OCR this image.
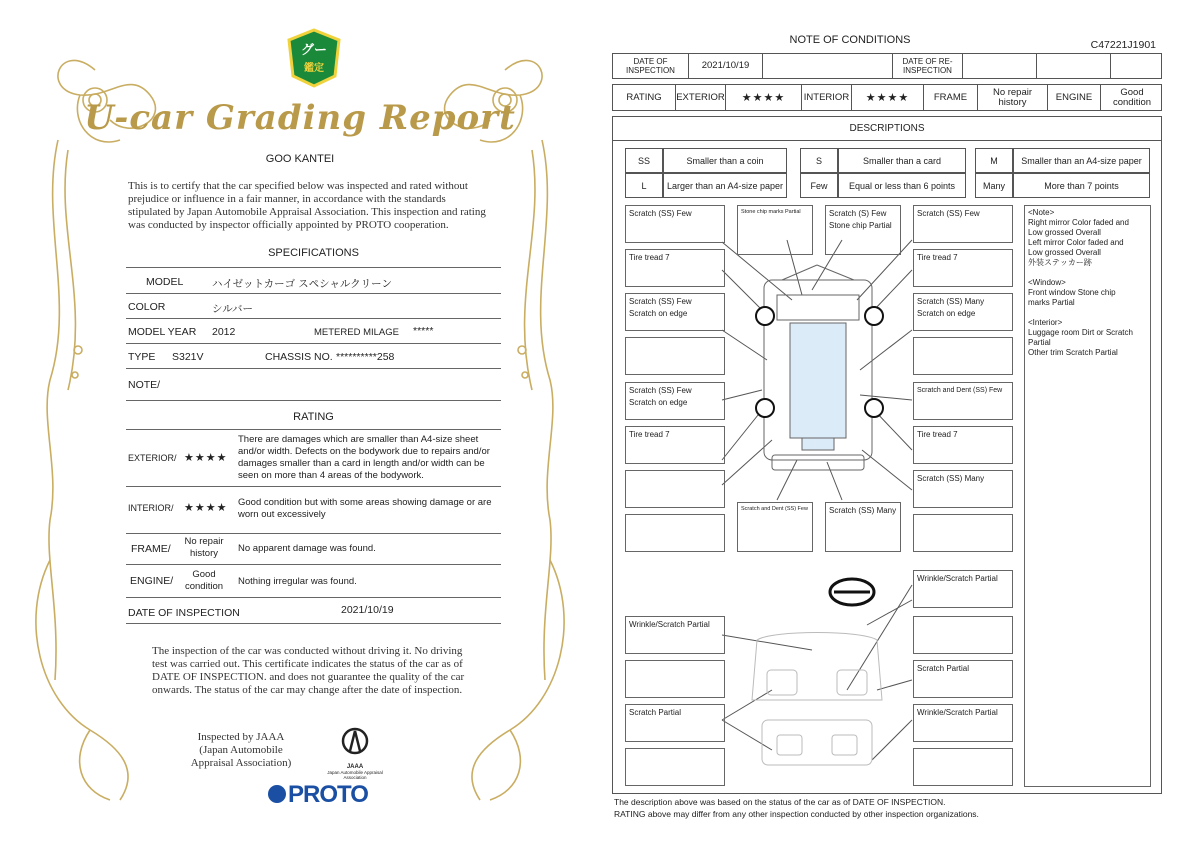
グー
鑑定
U-car Grading Report
GOO KANTEI
This is to certify that the car specified below was inspected and rated without prejudice or influence in a fair manner, in accordance with the standards stipulated by Japan Automobile Appraisal Association. This inspection and rating was conducted by inspector officially appointed by PROTO cooperation.
SPECIFICATIONS
MODEL	ハイゼットカーゴ スペシャルクリーン
COLOR	シルバー
MODEL YEAR 2012	METERED MILAGE *****
TYPE S321V	CHASSIS NO. **********258
NOTE/
RATING
EXTERIOR/ ★★★★
There are damages which are smaller than A4-size sheet and/or width. Defects on the bodywork due to repairs and/or damages smaller than a card in length and/or width can be seen on more than 4 areas of the bodywork.
INTERIOR/ ★★★★ Good condition but with some areas showing damage or are worn out excessively
FRAME/
No repair history	No apparent damage was found.
ENGINE/
Good condition	Nothing irregular was found.
DATE OF INSPECTION	2021/10/19
The inspection of the car was conducted without driving it. No driving test was carried out. This certificate indicates the status of the car as of DATE OF INSPECTION. and does not guarantee the quality of the car onwards. The status of the car may change after the date of inspection.
Inspected by JAAA (Japan Automobile Appraisal Association)	JAAA
Japan Automobile Appraisal Association
PROTO
NOTE OF CONDITIONS	C47221J1901
DATE OF INSPECTION	2021/10/19	DATE OF RE-INSPECTION
RATING	EXTERIOR	★★★★	INTERIOR	★★★★	FRAME	No repair history	ENGINE	Good condition
DESCRIPTIONS
SS	Smaller than a coin	S	Smaller than a card	M	Smaller than an A4-size paper
L	Larger than an A4-size paper	Few	Equal or less than 6 points	Many	More than 7 points
Scratch (SS) Few	Stone chip marks Partial	Scratch (S) Few
Stone chip Partial
Scratch (SS) Few
Tire tread 7	Tire tread 7
Scratch (SS) Few
Scratch on edge
Scratch (SS) Many
Scratch on edge
Scratch (SS) Few
Scratch on edge
Scratch and Dent (SS) Few
Tire tread 7	Tire tread 7
Scratch (SS) Many
Scratch and Dent (SS) Few	Scratch (SS) Many
Wrinkle/Scratch Partial
Wrinkle/Scratch Partial
Scratch Partial
Scratch Partial	Wrinkle/Scratch Partial
<Note>
Right mirror Color faded and
Low grossed Overall
Left mirror Color faded and
Low grossed Overall
外装ステッカー跡

<Window>
Front window Stone chip
marks Partial

<Interior>
Luggage room Dirt or Scratch
Partial
Other trim Scratch Partial
The description above was based on the status of the car as of DATE OF INSPECTION.
RATING above may differ from any other inspection conducted by other inspection organizations.
